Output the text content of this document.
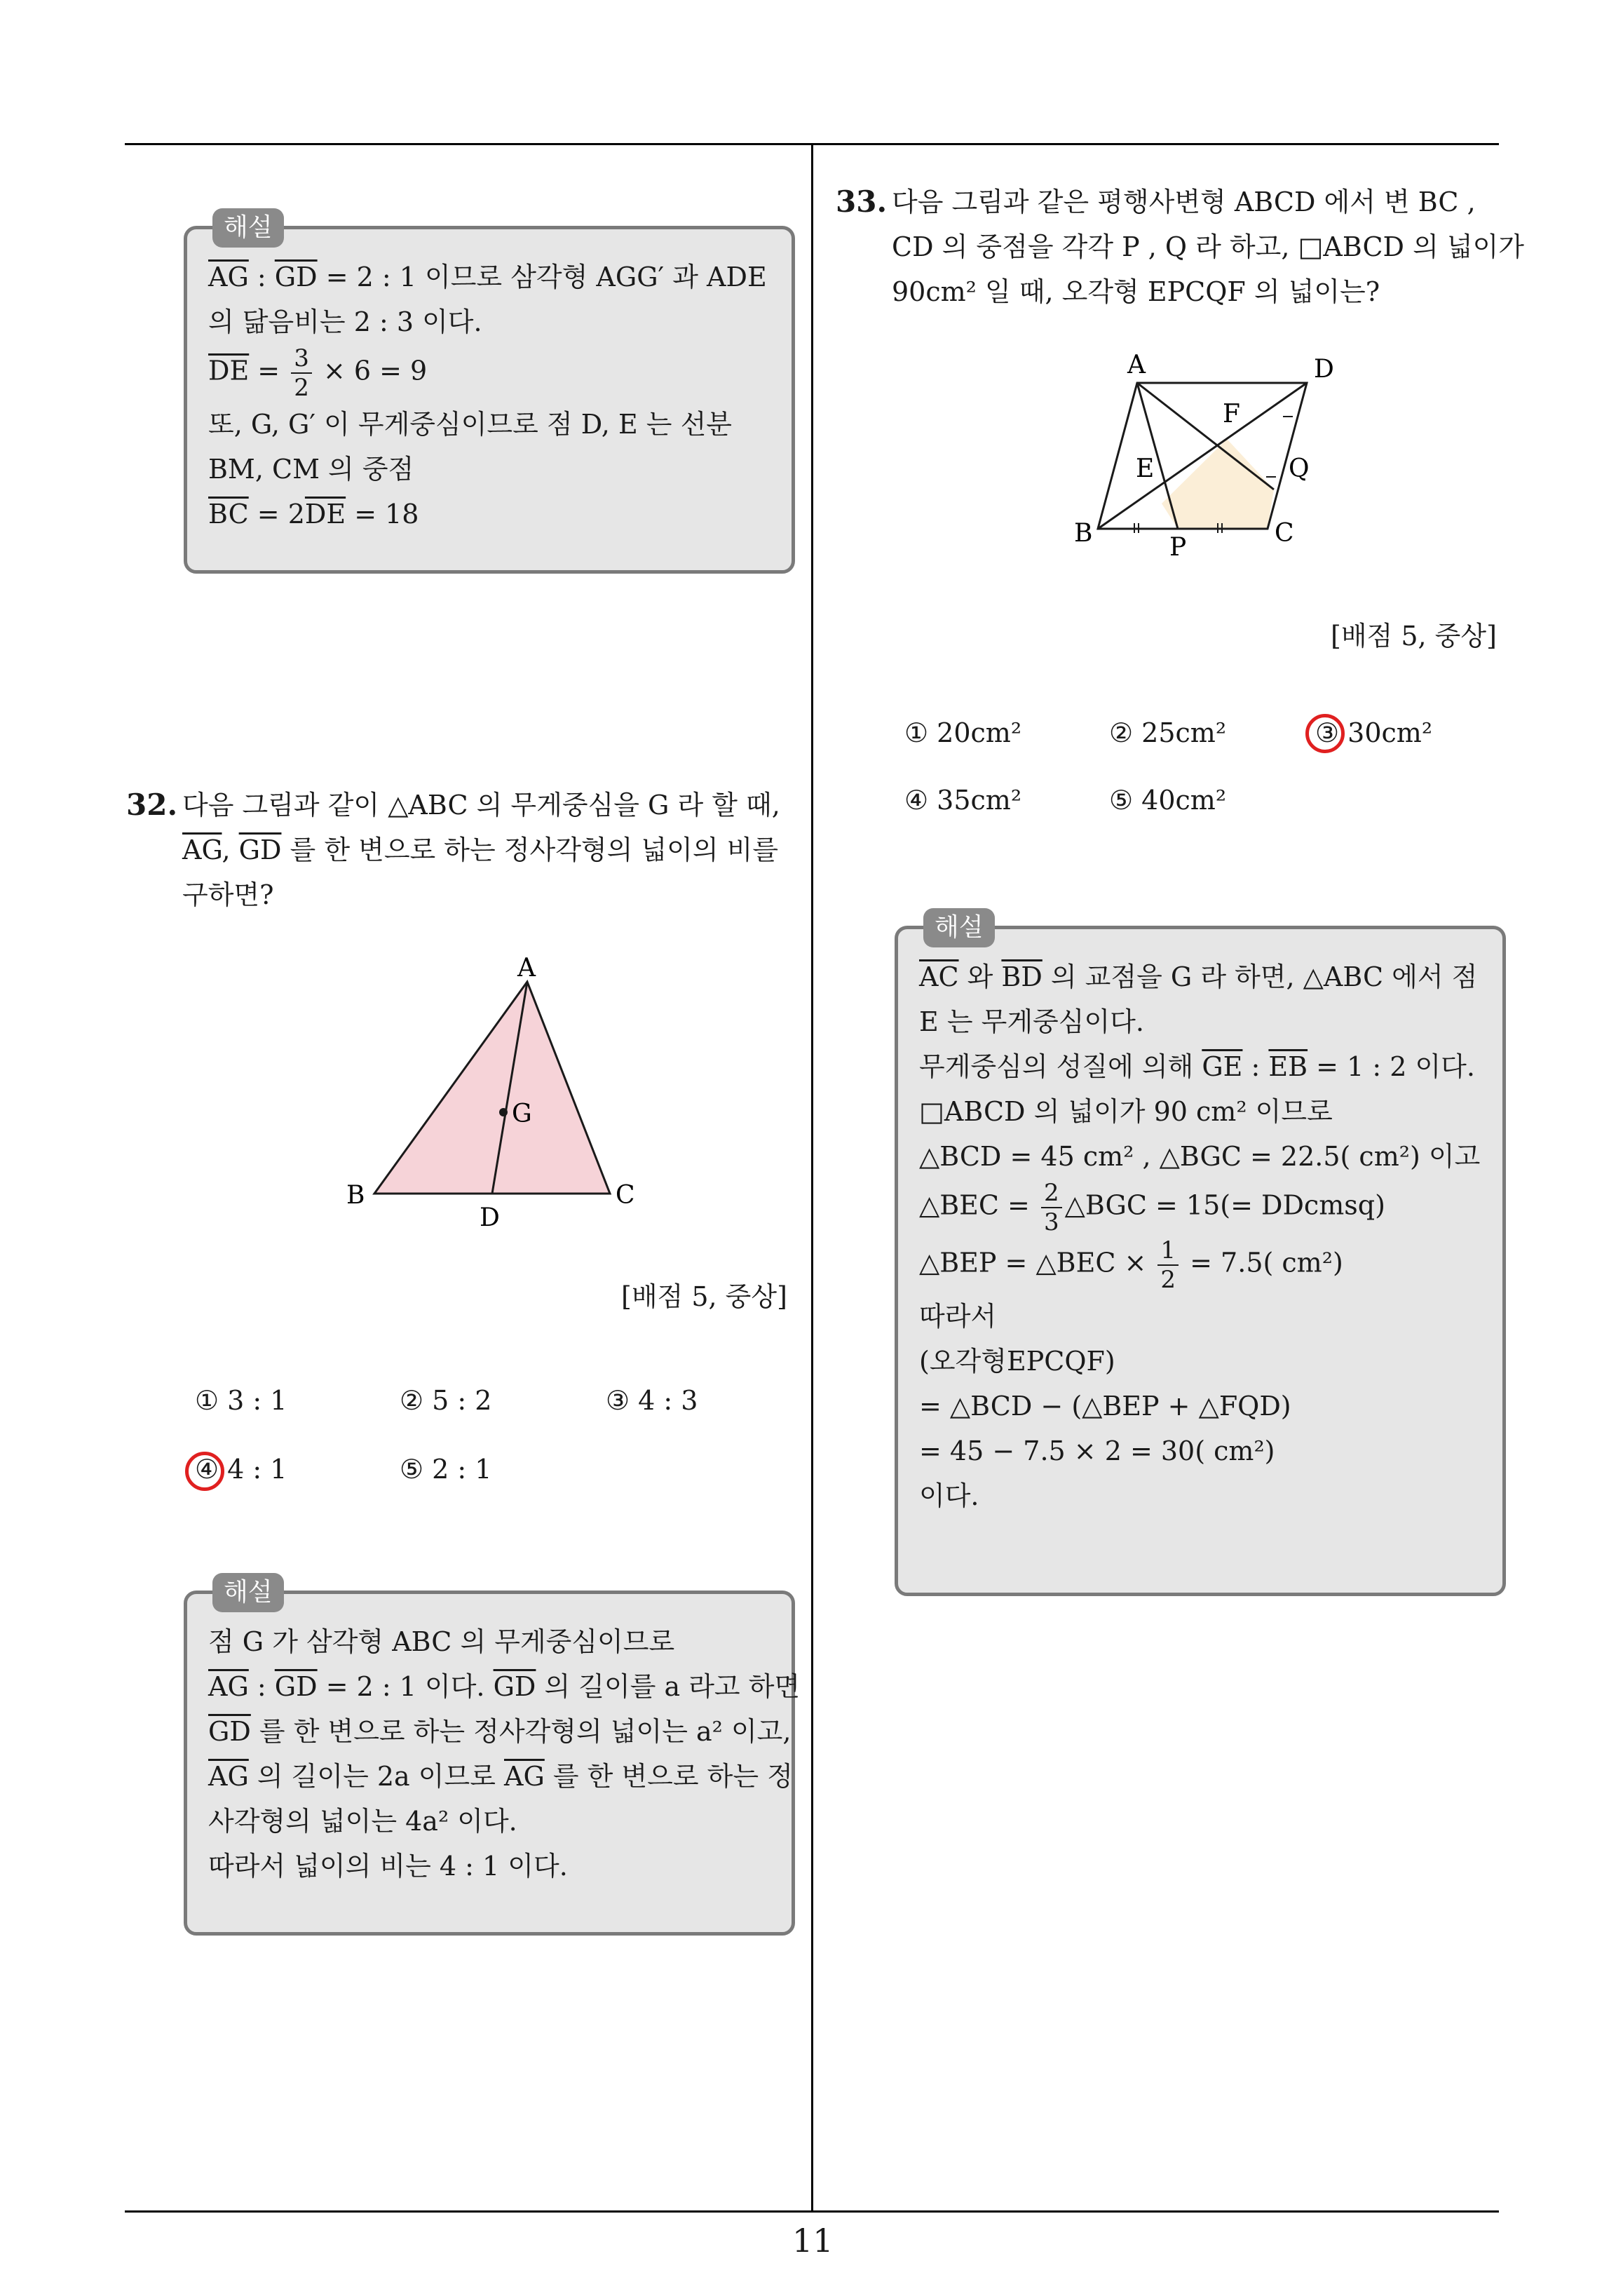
해설
$\overline{AG}$ : $\overline{GD} = 2$ : 1 이므로 삼각형 AGG′ 과 ADE
의 닮음비는 2 : 3 이다.
$\overline{DE} = \frac{3}{2} \times 6 = 9$
또, G, G′ 이 무게중심이므로 점 D, E 는 선분
BM, CM 의 중점
$\overline{BC} = 2\overline{DE} = 18$
32. 다음 그림과 같이 △ABC 의 무게중심을 G 라 할 때,
$\overline{AG}$, $\overline{GD}$ 를 한 변으로 하는 정사각형의 넓이의 비를
구하면?
A
B	C
D
G
[배점 5, 중상]
① 3 : 1	② 5 : 2	③ 4 : 3
④ 4 : 1	⑤ 2 : 1
해설
점 G 가 삼각형 ABC 의 무게중심이므로
$\overline{AG}$ : $\overline{GD} = 2$ : 1 이다. $\overline{GD}$ 의 길이를 a 라고 하면
$\overline{GD}$ 를 한 변으로 하는 정사각형의 넓이는 a² 이고,
$\overline{AG}$ 의 길이는 2a 이므로 $\overline{AG}$ 를 한 변으로 하는 정
사각형의 넓이는 4a² 이다.
따라서 넓이의 비는 4 : 1 이다.
33. 다음 그림과 같은 평행사변형 ABCD 에서 변 BC ,
CD 의 중점을 각각 P , Q 라 하고, □ABCD 의 넓이가
90cm² 일 때, 오각형 EPCQF 의 넓이는?
A	D
F
E	Q
B	C
P
[배점 5, 중상]
① 20cm²	② 25cm²	③ 30cm²
④ 35cm²	⑤ 40cm²
해설
$\overline{AC}$ 와 $\overline{BD}$ 의 교점을 G 라 하면, △ABC 에서 점
E 는 무게중심이다.
무게중심의 성질에 의해 $\overline{GE}$ : $\overline{EB} = 1$ : 2 이다.
□ABCD 의 넓이가 90 cm² 이므로
△BCD = 45 cm² , △BGC = 22.5( cm²) 이고
△BEC = $\frac{2}{3}$ △BGC = 15(= DDcmsq)
△BEP = △BEC × $\frac{1}{2} = 7.5$( cm²)
따라서
(오각형EPCQF)
= △BCD − (△BEP + △FQD)
= 45 − 7.5 × 2 = 30( cm²)
이다.
11
